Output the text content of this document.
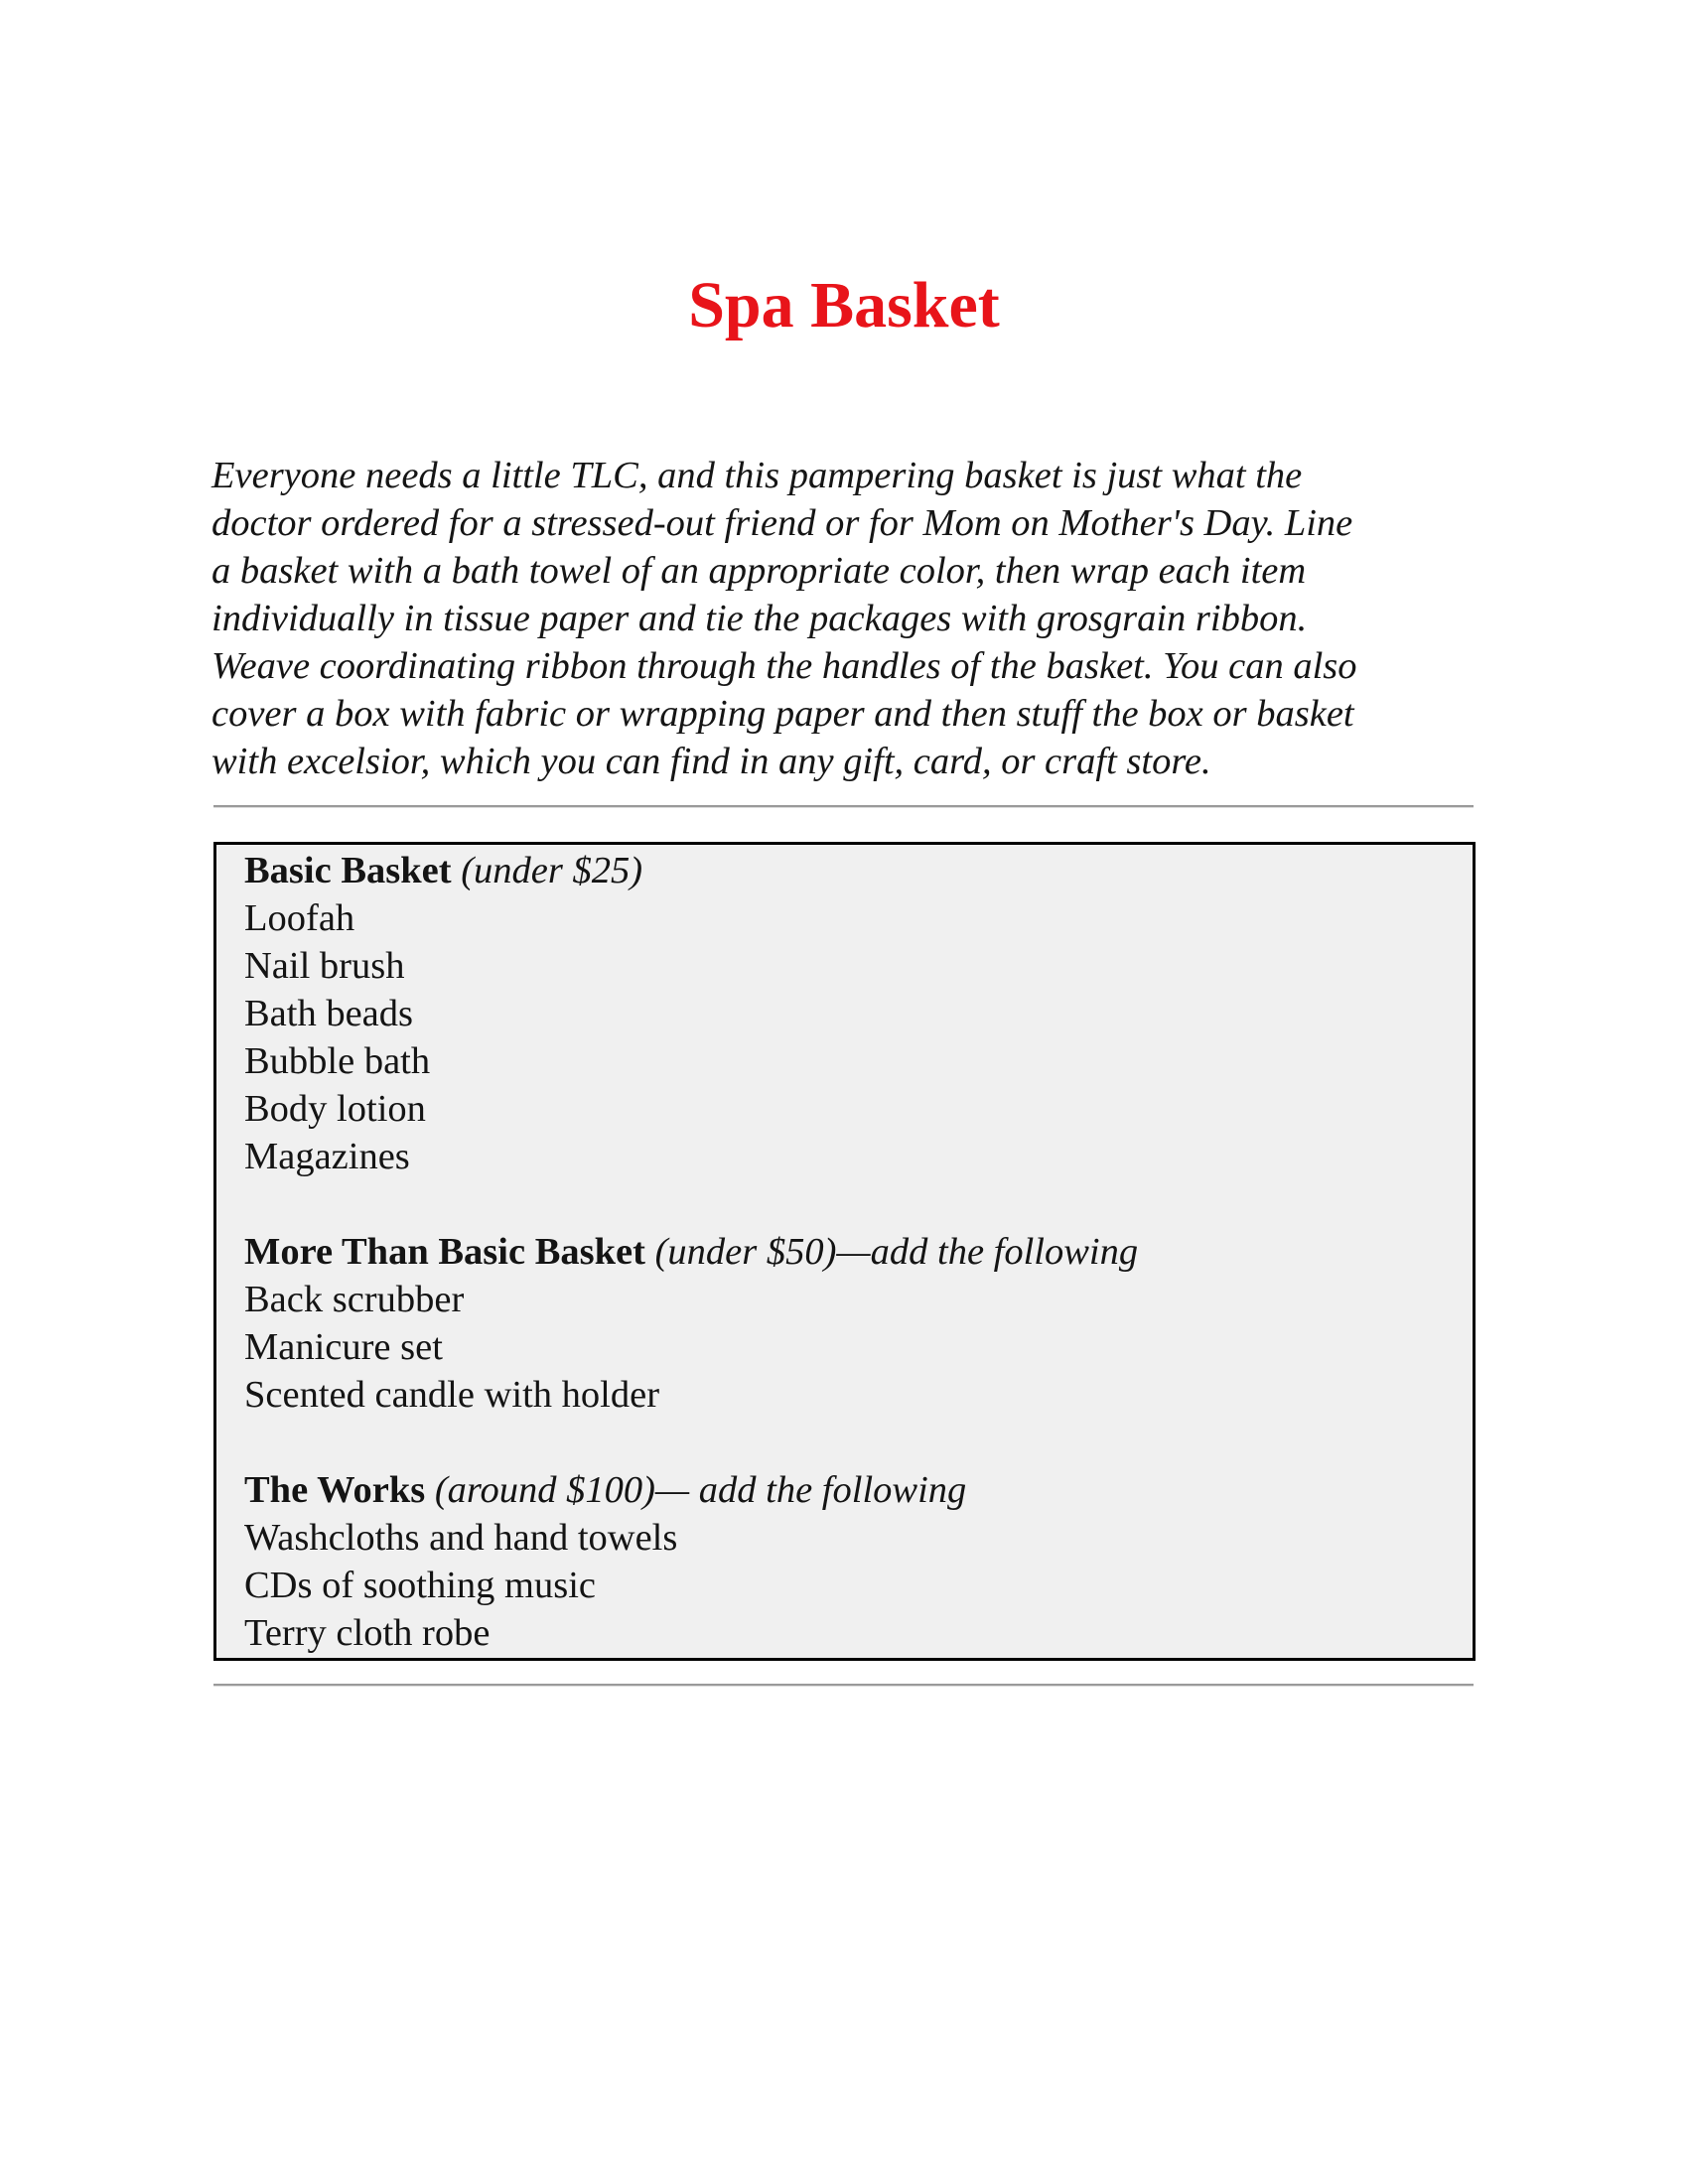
Spa Basket
Everyone needs a little TLC, and this pampering basket is just what the
doctor ordered for a stressed-out friend or for Mom on Mother's Day. Line
a basket with a bath towel of an appropriate color, then wrap each item
individually in tissue paper and tie the packages with grosgrain ribbon.
Weave coordinating ribbon through the handles of the basket. You can also
cover a box with fabric or wrapping paper and then stuff the box or basket
with excelsior, which you can find in any gift, card, or craft store.
Basic Basket (under $25)
Loofah
Nail brush
Bath beads
Bubble bath
Body lotion
Magazines
More Than Basic Basket (under $50)—add the following
Back scrubber
Manicure set
Scented candle with holder
The Works (around $100)— add the following
Washcloths and hand towels
CDs of soothing music
Terry cloth robe
